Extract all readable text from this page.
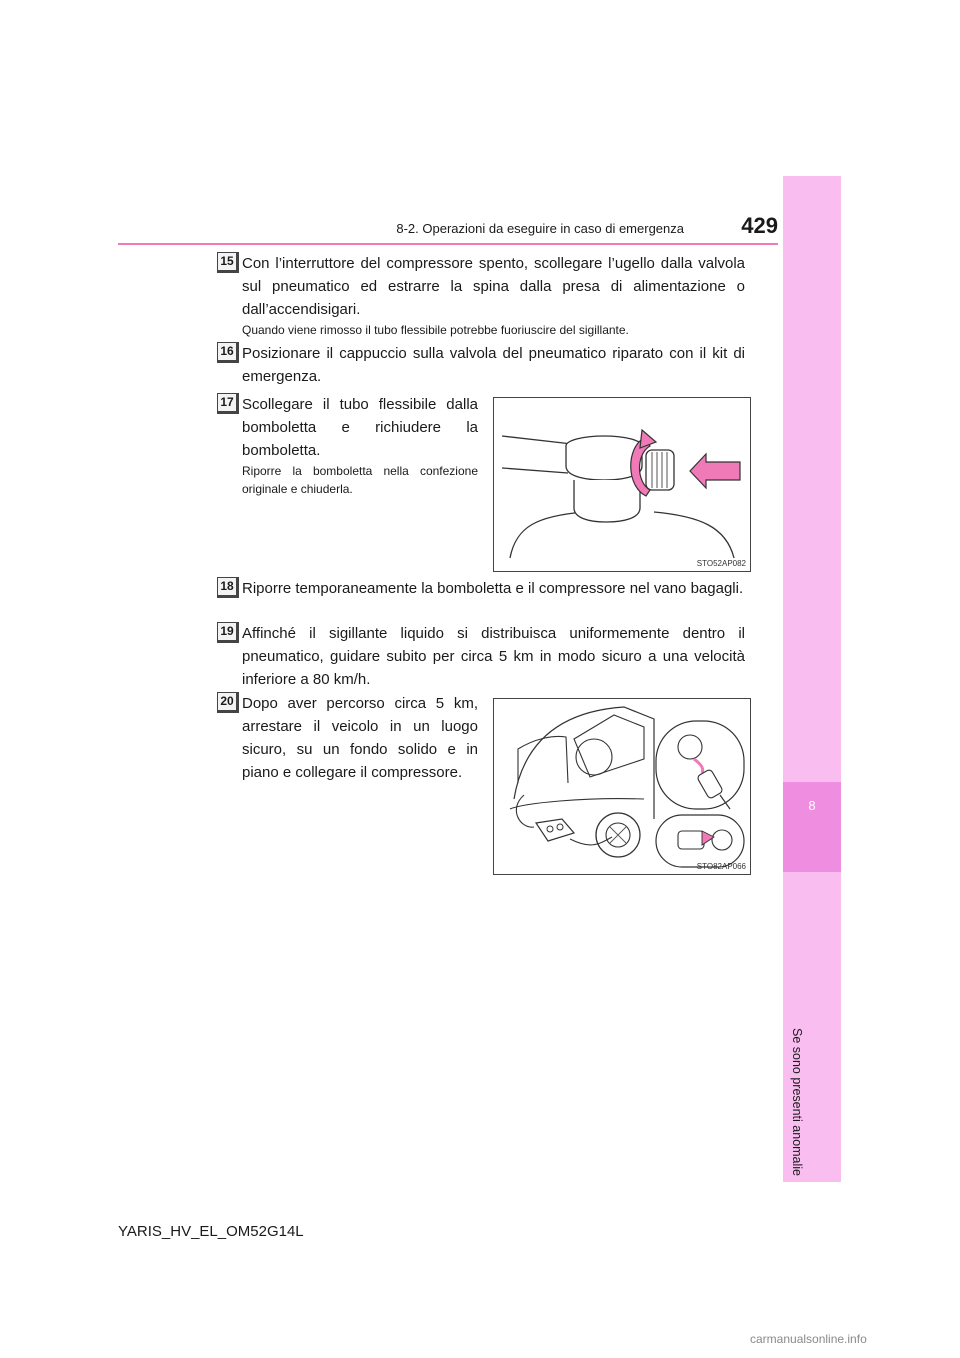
8-2. Operazioni da eseguire in caso di emergenza	429
8
Se sono presenti anomalie
15 Con l’interruttore del compressore spento, scollegare l’ugello dalla valvola sul pneumatico ed estrarre la spina dalla presa di alimentazione o dall’accendisigari.
Quando viene rimosso il tubo flessibile potrebbe fuoriuscire del sigillante.
16 Posizionare il cappuccio sulla valvola del pneumatico riparato con il kit di emergenza.
17 Scollegare il tubo flessibile dalla bomboletta e richiudere la bomboletta.
Riporre la bomboletta nella confezione originale e chiuderla.
STO52AP082
18 Riporre temporaneamente la bomboletta e il compressore nel vano bagagli.
19 Affinché il sigillante liquido si distribuisca uniformemente dentro il pneumatico, guidare subito per circa 5 km in modo sicuro a una velocità inferiore a 80 km/h.
20 Dopo aver percorso circa 5 km, arrestare il veicolo in un luogo sicuro, su un fondo solido e in piano e collegare il compressore.
STO82AP066
YARIS_HV_EL_OM52G14L
carmanualsonline.info
